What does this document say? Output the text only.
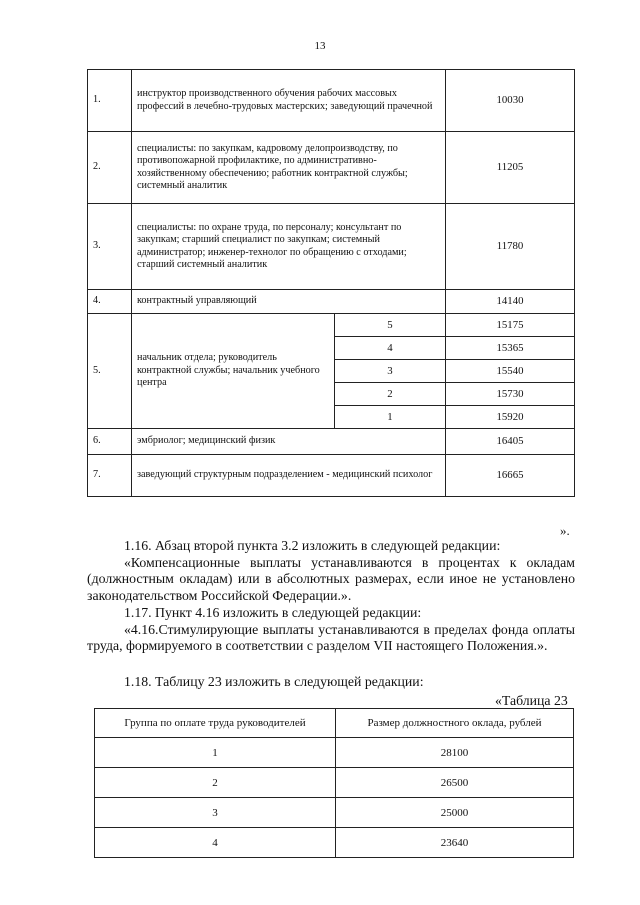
13
1.	инструктор производственного обучения рабочих массовых профессий в лечебно-трудовых мастерских; заведующий прачечной		10030
2.	специалисты: по закупкам, кадровому делопроизводству, по противопожарной профилактике, по административно-хозяйственному обеспечению; работник контрактной службы; системный аналитик		11205
3.	специалисты: по охране труда, по персоналу; консультант по закупкам; старший специалист по закупкам; системный администратор; инженер-технолог по обращению с отходами; старший системный аналитик		11780
4.	контрактный управляющий		14140
5.	начальник отдела; руководитель контрактной службы; начальник учебного центра	5	15175
		4	15365
		3	15540
		2	15730
		1	15920
6.	эмбриолог; медицинский физик		16405
7.	заведующий структурным подразделением - медицинский психолог		16665
».

1.16. Абзац второй пункта 3.2 изложить в следующей редакции:

«Компенсационные выплаты устанавливаются в процентах к окладам (должностным окладам) или в абсолютных размерах, если иное не установлено законодательством Российской Федерации.».

1.17. Пункт 4.16 изложить в следующей редакции:

«4.16.Стимулирующие выплаты устанавливаются в пределах фонда оплаты труда, формируемого в соответствии с разделом VII настоящего Положения.».

1.18. Таблицу 23 изложить в следующей редакции:

«Таблица 23
Группа по оплате труда руководителей	Размер должностного оклада, рублей
1	28100
2	26500
3	25000
4	23640
